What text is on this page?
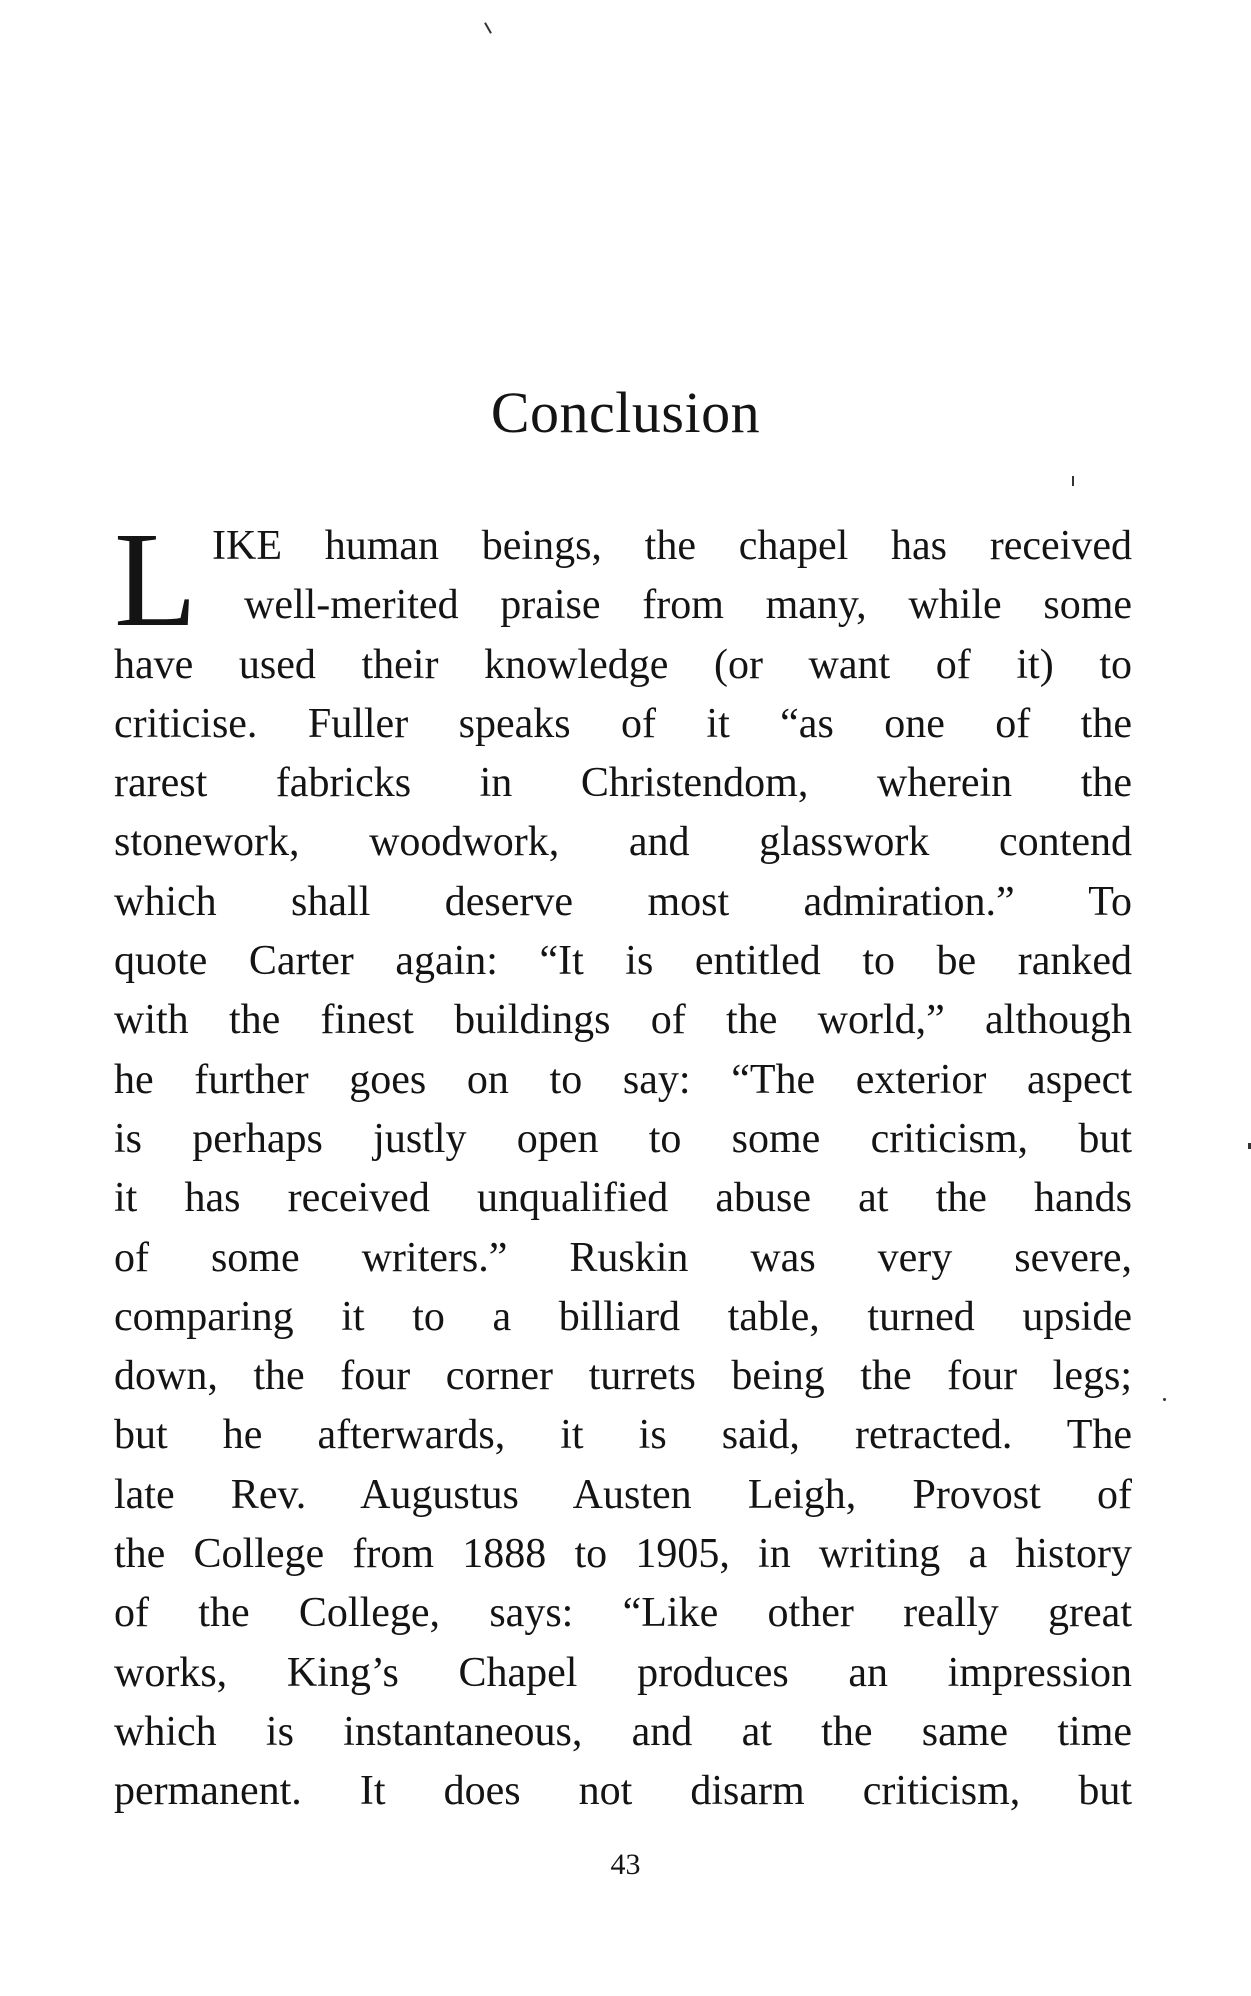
Conclusion
L IKE human beings, the chapel has received
well-merited praise from many, while some
have used their knowledge (or want of it) to
criticise. Fuller speaks of it “as one of the
rarest fabricks in Christendom, wherein the
stonework, woodwork, and glasswork contend
which shall deserve most admiration.” To
quote Carter again: “It is entitled to be ranked
with the finest buildings of the world,” although
he further goes on to say: “The exterior aspect
is perhaps justly open to some criticism, but
it has received unqualified abuse at the hands
of some writers.” Ruskin was very severe,
comparing it to a billiard table, turned upside
down, the four corner turrets being the four legs;
but he afterwards, it is said, retracted. The
late Rev. Augustus Austen Leigh, Provost of
the College from 1888 to 1905, in writing a history
of the College, says: “Like other really great
works, King’s Chapel produces an impression
which is instantaneous, and at the same time
permanent. It does not disarm criticism, but
43
